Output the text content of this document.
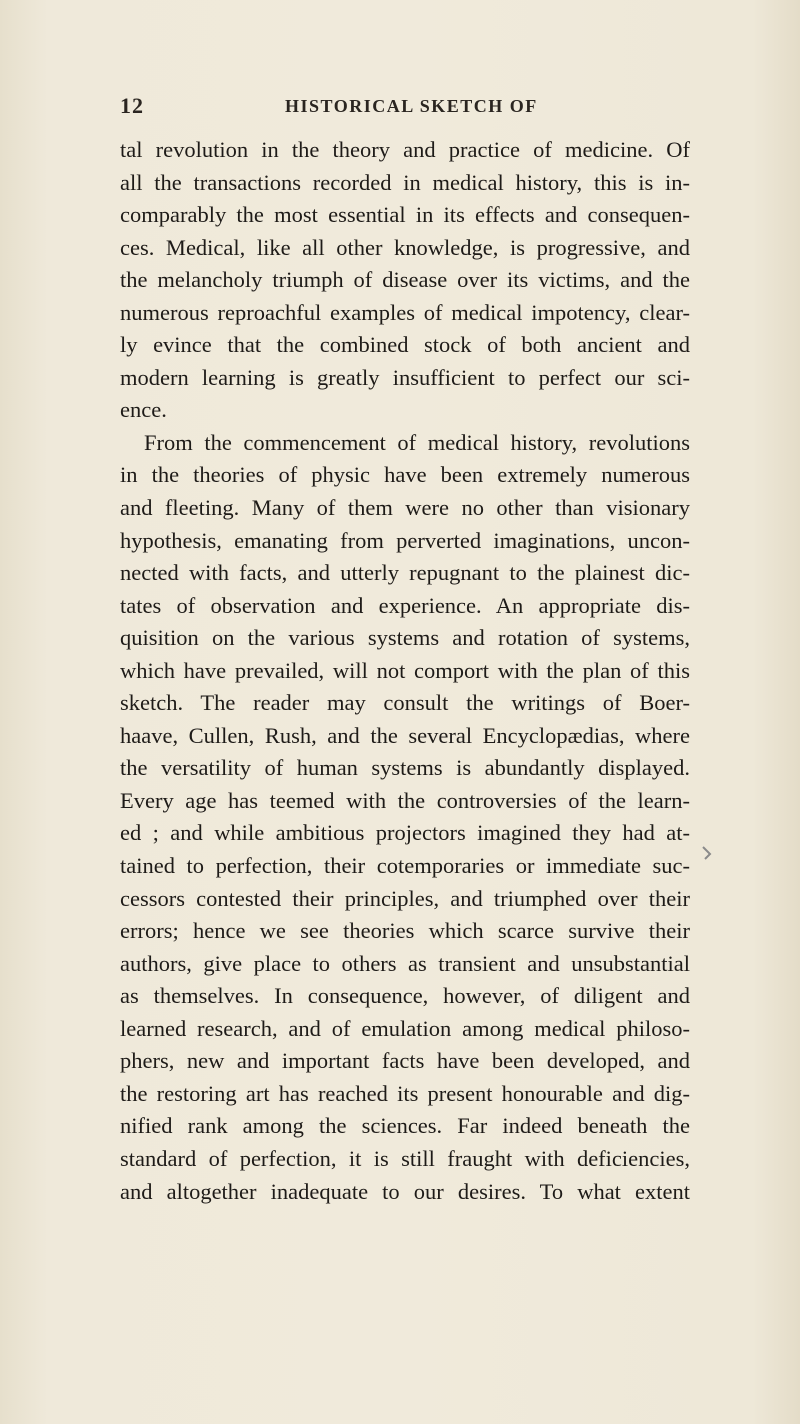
12	HISTORICAL SKETCH OF
tal revolution in the theory and practice of medicine. Of
all the transactions recorded in medical history, this is in-
comparably the most essential in its effects and consequen-
ces. Medical, like all other knowledge, is progressive, and
the melancholy triumph of disease over its victims, and the
numerous reproachful examples of medical impotency, clear-
ly evince that the combined stock of both ancient and
modern learning is greatly insufficient to perfect our sci-
ence.
From the commencement of medical history, revolutions
in the theories of physic have been extremely numerous
and fleeting. Many of them were no other than visionary
hypothesis, emanating from perverted imaginations, uncon-
nected with facts, and utterly repugnant to the plainest dic-
tates of observation and experience. An appropriate dis-
quisition on the various systems and rotation of systems,
which have prevailed, will not comport with the plan of this
sketch. The reader may consult the writings of Boer-
haave, Cullen, Rush, and the several Encyclopædias, where
the versatility of human systems is abundantly displayed.
Every age has teemed with the controversies of the learn-
ed ; and while ambitious projectors imagined they had at-
tained to perfection, their cotemporaries or immediate suc-
cessors contested their principles, and triumphed over their
errors; hence we see theories which scarce survive their
authors, give place to others as transient and unsubstantial
as themselves. In consequence, however, of diligent and
learned research, and of emulation among medical philoso-
phers, new and important facts have been developed, and
the restoring art has reached its present honourable and dig-
nified rank among the sciences. Far indeed beneath the
standard of perfection, it is still fraught with deficiencies,
and altogether inadequate to our desires. To what extent
